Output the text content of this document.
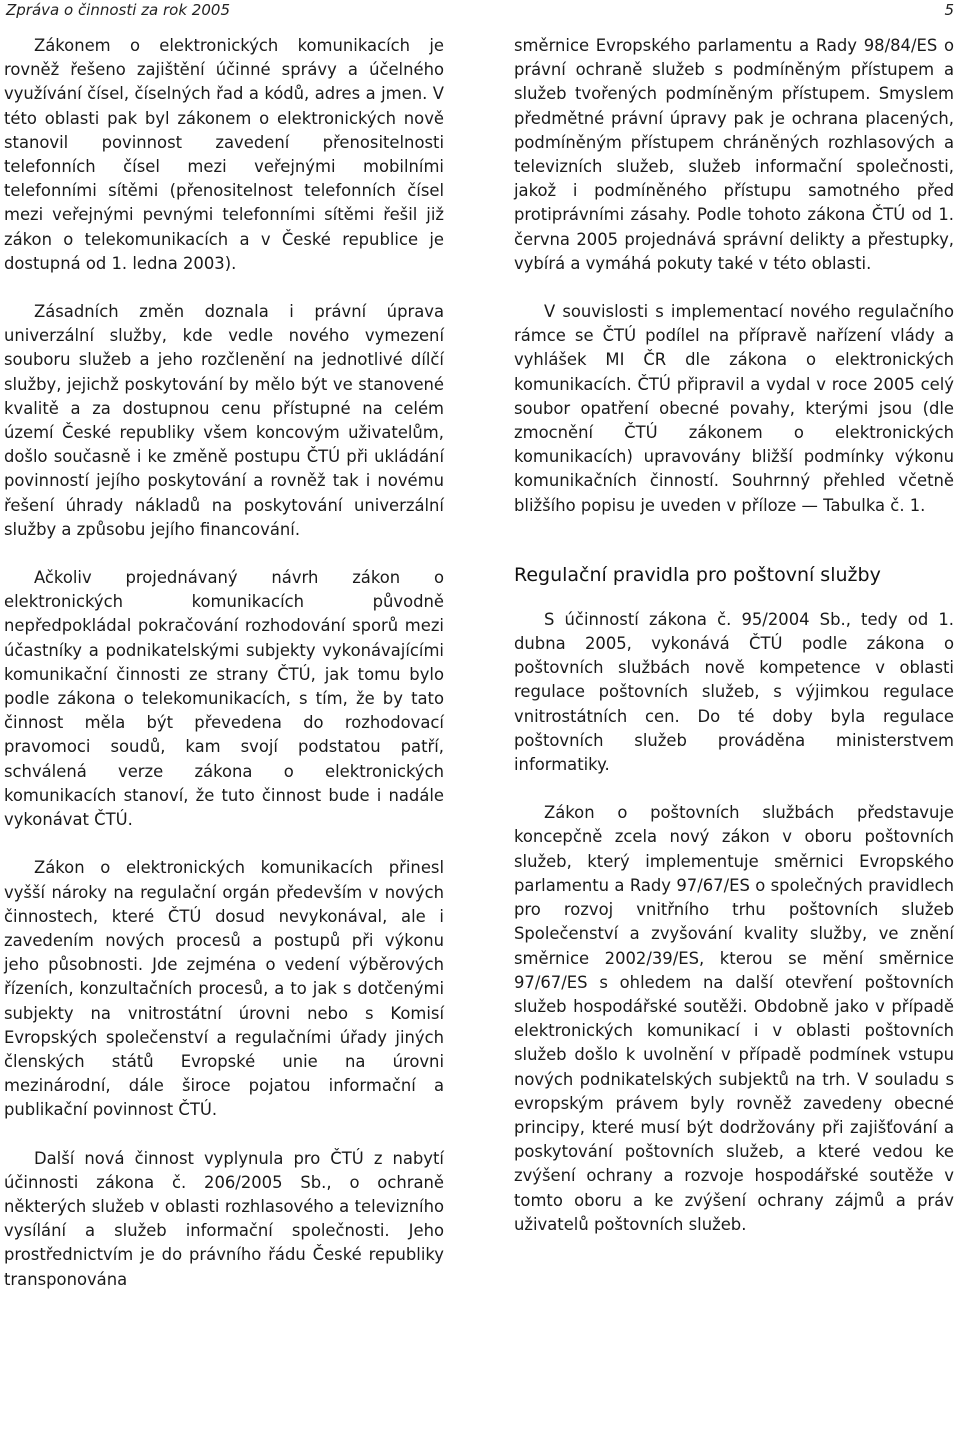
Zpráva o činnosti za rok 2005	5

Zákonem o elektronických komunikacích je rovněž řešeno zajištění účinné správy a účelného využívání čísel, číselných řad a kódů, adres a jmen. V této oblasti pak byl zákonem o elektronických nově stanovil povinnost zavedení přenositelnosti telefonních čísel mezi veřejnými mobilními telefonními sítěmi (přenositelnost telefonních čísel mezi veřejnými pevnými telefonními sítěmi řešil již zákon o telekomunikacích a v České republice je dostupná od 1. ledna 2003).

Zásadních změn doznala i právní úprava univerzální služby, kde vedle nového vymezení souboru služeb a jeho rozčlenění na jednotlivé dílčí služby, jejichž poskytování by mělo být ve stanovené kvalitě a za dostupnou cenu přístupné na celém území České republiky všem koncovým uživatelům, došlo současně i ke změně postupu ČTÚ při ukládání povinností jejího poskytování a rovněž tak i novému řešení úhrady nákladů na poskytování univerzální služby a způsobu jejího financování.

Ačkoliv projednávaný návrh zákon o elektronických komunikacích původně nepředpokládal pokračování rozhodování sporů mezi účastníky a podnikatelskými subjekty vykonávajícími komunikační činnosti ze strany ČTÚ, jak tomu bylo podle zákona o telekomunikacích, s tím, že by tato činnost měla být převedena do rozhodovací pravomoci soudů, kam svojí podstatou patří, schválená verze zákona o elektronických komunikacích stanoví, že tuto činnost bude i nadále vykonávat ČTÚ.

Zákon o elektronických komunikacích přinesl vyšší nároky na regulační orgán především v nových činnostech, které ČTÚ dosud nevykonával, ale i zavedením nových procesů a postupů při výkonu jeho působnosti. Jde zejména o vedení výběrových řízeních, konzultačních procesů, a to jak s dotčenými subjekty na vnitrostátní úrovni nebo s Komisí Evropských společenství a regulačními úřady jiných členských států Evropské unie na úrovni mezinárodní, dále široce pojatou informační a publikační povinnost ČTÚ.

Další nová činnost vyplynula pro ČTÚ z nabytí účinnosti zákona č. 206/2005 Sb., o ochraně některých služeb v oblasti rozhlasového a televizního vysílání a služeb informační společnosti. Jeho prostřednictvím je do právního řádu České republiky transponována

směrnice Evropského parlamentu a Rady 98/84/ES o právní ochraně služeb s podmíněným přístupem a služeb tvořených podmíněným přístupem. Smyslem předmětné právní úpravy pak je ochrana placených, podmíněným přístupem chráněných rozhlasových a televizních služeb, služeb informační společnosti, jakož i podmíněného přístupu samotného před protiprávními zásahy. Podle tohoto zákona ČTÚ od 1. června 2005 projednává správní delikty a přestupky, vybírá a vymáhá pokuty také v této oblasti.

V souvislosti s implementací nového regulačního rámce se ČTÚ podílel na přípravě nařízení vlády a vyhlášek MI ČR dle zákona o elektronických komunikacích. ČTÚ připravil a vydal v roce 2005 celý soubor opatření obecné povahy, kterými jsou (dle zmocnění ČTÚ zákonem o elektronických komunikacích) upravovány bližší podmínky výkonu komunikačních činností. Souhrnný přehled včetně bližšího popisu je uveden v příloze — Tabulka č. 1.

Regulační pravidla pro poštovní služby

S účinností zákona č. 95/2004 Sb., tedy od 1. dubna 2005, vykonává ČTÚ podle zákona o poštovních službách nově kompetence v oblasti regulace poštovních služeb, s výjimkou regulace vnitrostátních cen. Do té doby byla regulace poštovních služeb prováděna ministerstvem informatiky.

Zákon o poštovních službách představuje koncepčně zcela nový zákon v oboru poštovních služeb, který implementuje směrnici Evropského parlamentu a Rady 97/67/ES o společných pravidlech pro rozvoj vnitřního trhu poštovních služeb Společenství a zvyšování kvality služby, ve znění směrnice 2002/39/ES, kterou se mění směrnice 97/67/ES s ohledem na další otevření poštovních služeb hospodářské soutěži. Obdobně jako v případě elektronických komunikací i v oblasti poštovních služeb došlo k uvolnění v případě podmínek vstupu nových podnikatelských subjektů na trh. V souladu s evropským právem byly rovněž zavedeny obecné principy, které musí být dodržovány při zajišťování a poskytování poštovních služeb, a které vedou ke zvýšení ochrany a rozvoje hospodářské soutěže v tomto oboru a ke zvýšení ochrany zájmů a práv uživatelů poštovních služeb.
